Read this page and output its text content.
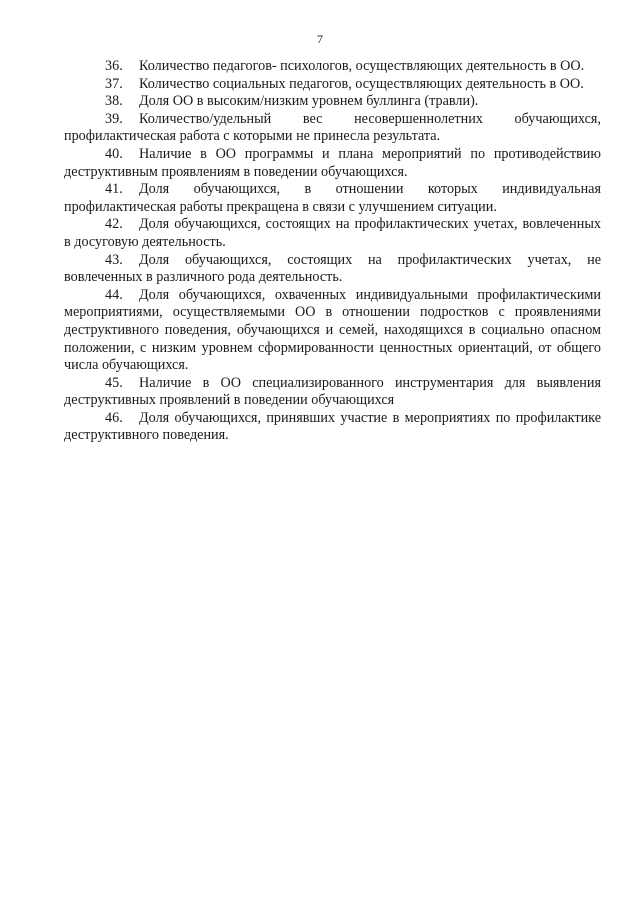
7

36. Количество педагогов- психологов, осуществляющих деятельность в ОО.

37. Количество социальных педагогов, осуществляющих деятельность в ОО.

38. Доля ОО в высоким/низким уровнем буллинга (травли).

39. Количество/удельный вес несовершеннолетних обучающихся, профилактическая работа с которыми не принесла результата.

40. Наличие в ОО программы и плана мероприятий по противодействию деструктивным проявлениям в поведении обучающихся.

41. Доля обучающихся, в отношении которых индивидуальная профилактическая работы прекращена в связи с улучшением ситуации.

42. Доля обучающихся, состоящих на профилактических учетах, вовлеченных в досуговую деятельность.

43. Доля обучающихся, состоящих на профилактических учетах, не вовлеченных в различного рода деятельность.

44. Доля обучающихся, охваченных индивидуальными профилактическими мероприятиями, осуществляемыми ОО в отношении подростков с проявлениями деструктивного поведения, обучающихся и семей, находящихся в социально опасном положении, с низким уровнем сформированности ценностных ориентаций, от общего числа обучающихся.

45. Наличие в ОО специализированного инструментария для выявления деструктивных проявлений в поведении обучающихся

46. Доля обучающихся, принявших участие в мероприятиях по профилактике деструктивного поведения.
